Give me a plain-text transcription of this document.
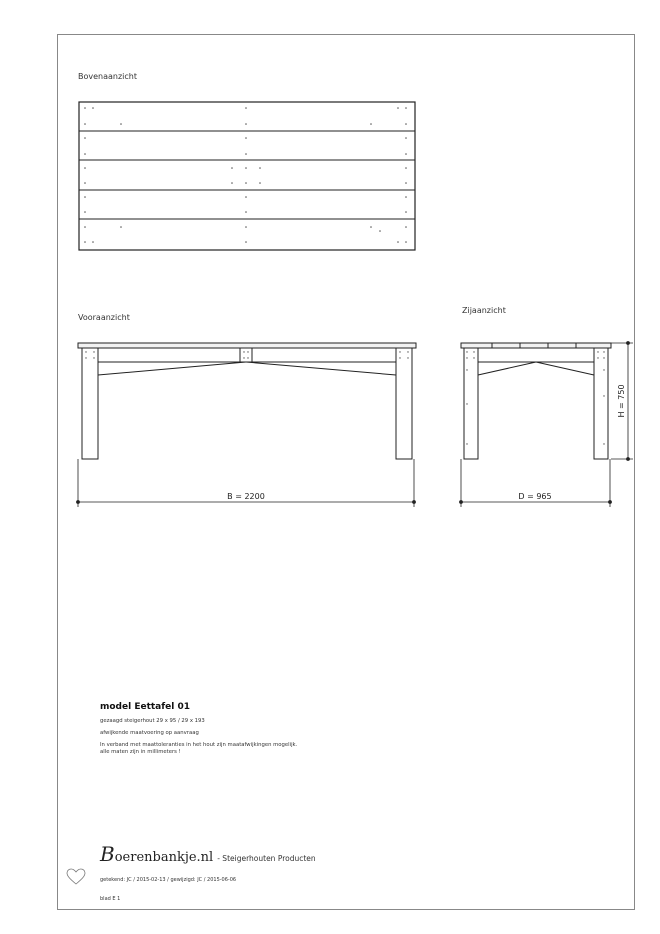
Bovenaanzicht
Vooraanzicht
Zijaanzicht
B = 2200	D = 965
H = 750
model Eettafel 01
gezaagd steigerhout 29 x 95 / 29 x 193
afwijkende maatvoering op aanvraag
In verband met maattoleranties in het hout zijn maatafwijkingen mogelijk.
alle maten zijn in millimeters !
B oerenbankje.nl - Steigerhouten Producten
getekend: JC / 2015-02-13 / gewijzigd: JC / 2015-06-06
blad E 1
